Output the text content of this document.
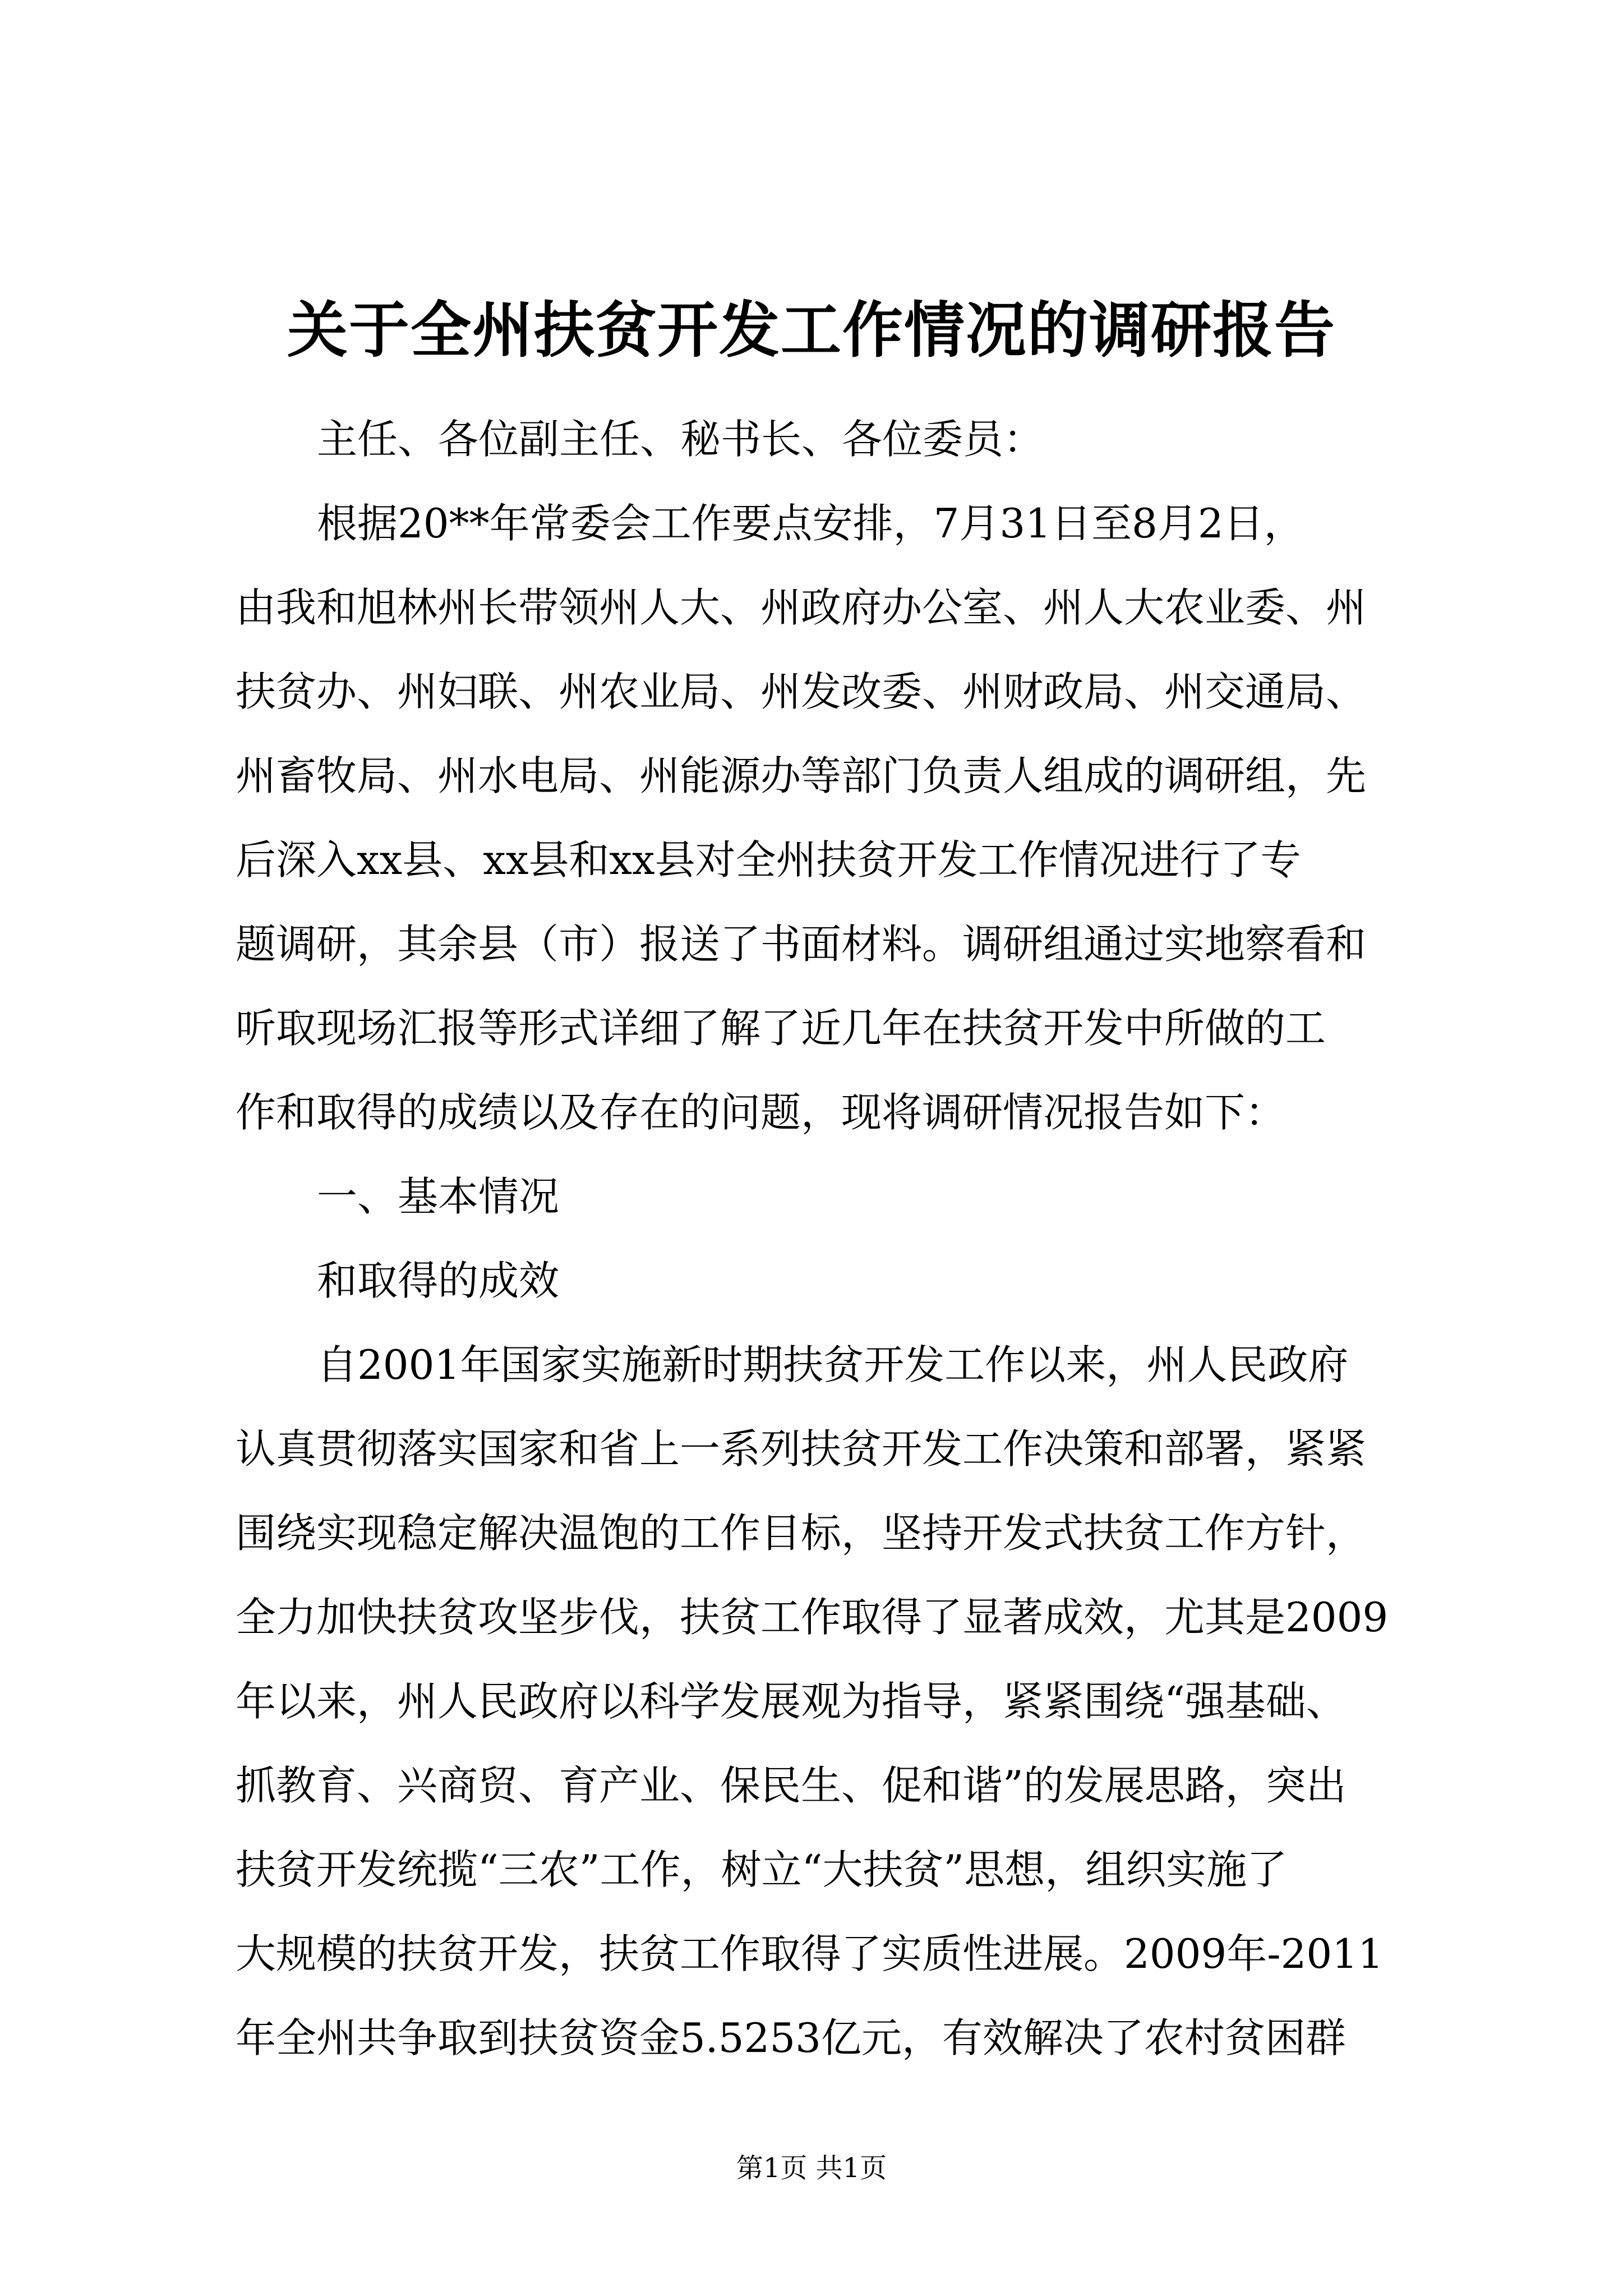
关于全州扶贫开发工作情况的调研报告
主任、各位副主任、秘书长、各位委员：
根据20**年常委会工作要点安排，7月31日至8月2日，
由我和旭林州长带领州人大、州政府办公室、州人大农业委、州
扶贫办、州妇联、州农业局、州发改委、州财政局、州交通局、
州畜牧局、州水电局、州能源办等部门负责人组成的调研组，先
后深入xx县、xx县和xx县对全州扶贫开发工作情况进行了专
题调研，其余县（市）报送了书面材料。调研组通过实地察看和
听取现场汇报等形式详细了解了近几年在扶贫开发中所做的工
作和取得的成绩以及存在的问题，现将调研情况报告如下：
一、基本情况
和取得的成效
自2001年国家实施新时期扶贫开发工作以来，州人民政府
认真贯彻落实国家和省上一系列扶贫开发工作决策和部署，紧紧
围绕实现稳定解决温饱的工作目标，坚持开发式扶贫工作方针，
全力加快扶贫攻坚步伐，扶贫工作取得了显著成效，尤其是2009
年以来，州人民政府以科学发展观为指导，紧紧围绕“强基础、
抓教育、兴商贸、育产业、保民生、促和谐”的发展思路，突出
扶贫开发统揽“三农”工作，树立“大扶贫”思想，组织实施了
大规模的扶贫开发，扶贫工作取得了实质性进展。2009年-2011
年全州共争取到扶贫资金5.5253亿元，有效解决了农村贫困群
第1页 共1页
